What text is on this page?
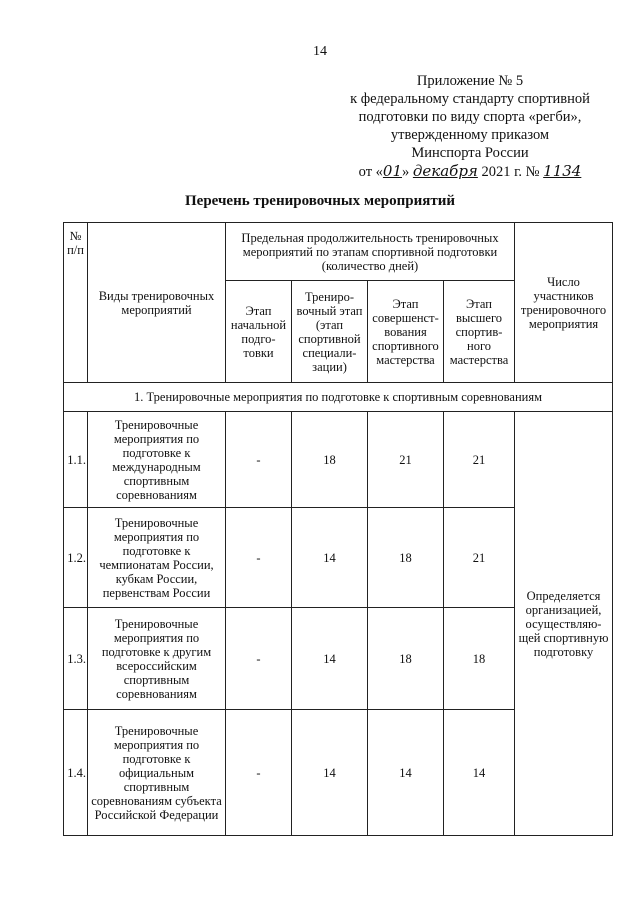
14
Приложение № 5
к федеральному стандарту спортивной
подготовки по виду спорта «регби»,
утвержденному приказом
Минспорта России
от «01» декабря 2021 г. № 1134
Перечень тренировочных мероприятий
№ п/п	Виды тренировочных мероприятий	Предельная продолжительность тренировочных мероприятий по этапам спортивной подготовки (количество дней)				Число участников тренировочного мероприятия
		Этап начальной подго-товки	Трениро-вочный этап (этап спортивной специали-зации)	Этап совершенст-вования спортивного мастерства	Этап высшего спортив-ного мастерства	
1. Тренировочные мероприятия по подготовке к спортивным соревнованиям						
1.1.	Тренировочные мероприятия по подготовке к международным спортивным соревнованиям	-	18	21	21	Определяется организацией, осуществляю-щей спортивную подготовку
1.2.	Тренировочные мероприятия по подготовке к чемпионатам России, кубкам России, первенствам России	-	14	18	21	
1.3.	Тренировочные мероприятия по подготовке к другим всероссийским спортивным соревнованиям	-	14	18	18	
1.4.	Тренировочные мероприятия по подготовке к официальным спортивным соревнованиям субъекта Российской Федерации	-	14	14	14	
